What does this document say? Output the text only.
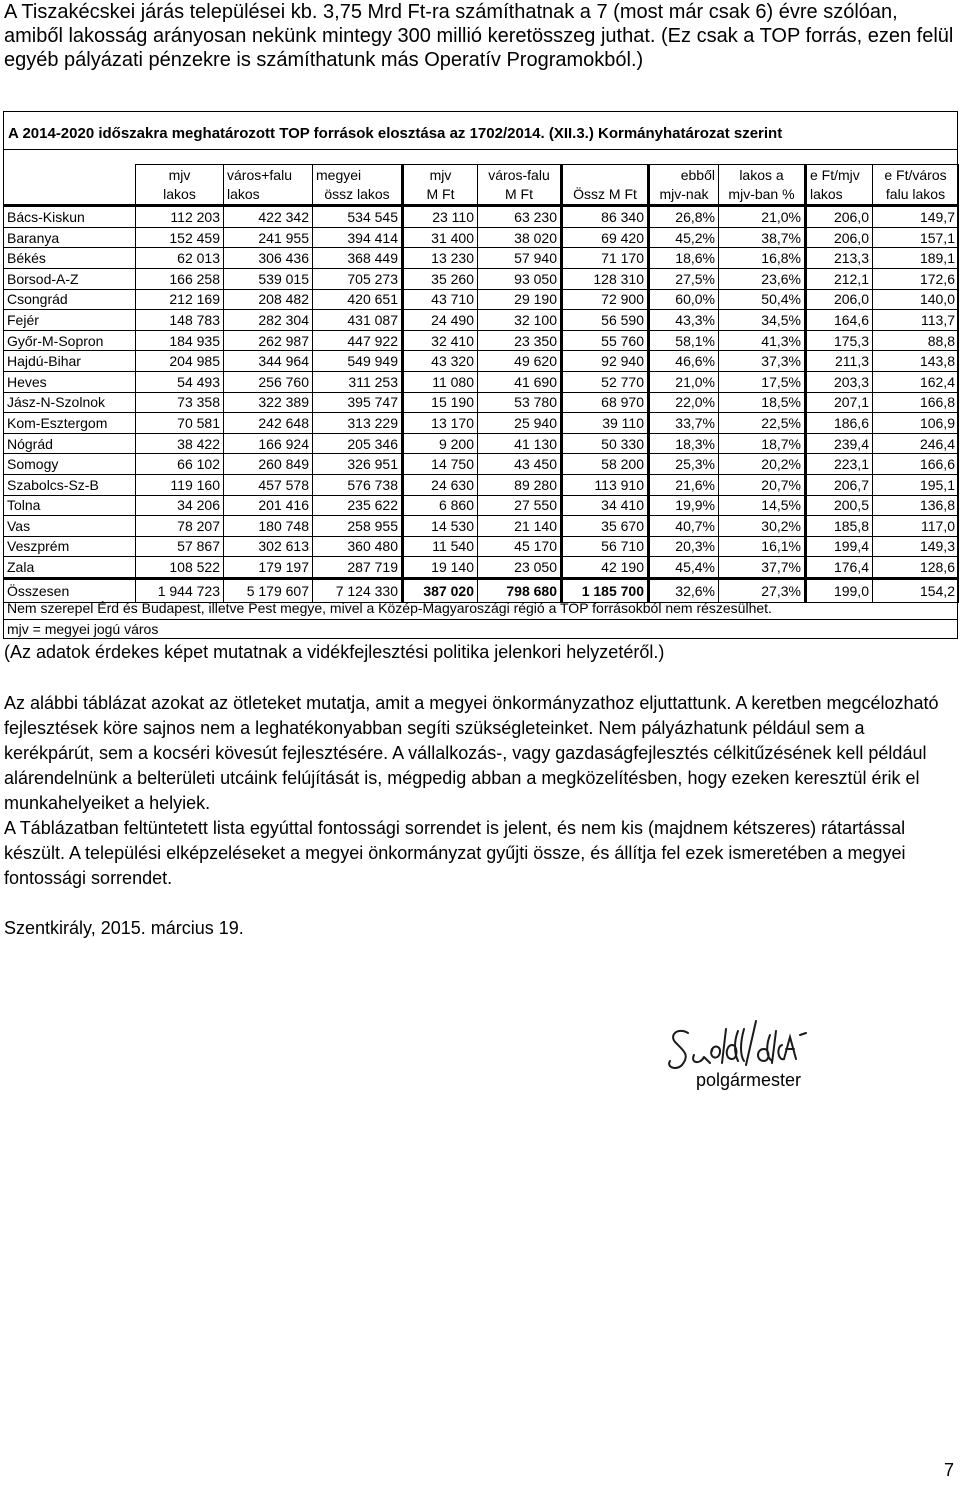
A Tiszakécskei járás települései kb. 3,75 Mrd Ft-ra számíthatnak a 7 (most már csak 6) évre szólóan, amiből lakosság arányosan nekünk mintegy 300 millió keretösszeg juthat. (Ez csak a TOP forrás, ezen felül egyéb pályázati pénzekre is számíthatunk más Operatív Programokból.)
A 2014-2020 időszakra meghatározott TOP források elosztása az 1702/2014. (XII.3.) Kormányhatározat szerint
	mjv	város+falu	megyei	mjv	város-falu		ebből	lakos a	e Ft/mjv	e Ft/város
	lakos	lakos	össz lakos	M Ft	M Ft	Össz M Ft	mjv-nak	mjv-ban %	lakos	falu lakos
Bács-Kiskun	112 203	422 342	534 545	23 110	63 230	86 340	26,8%	21,0%	206,0	149,7
Baranya	152 459	241 955	394 414	31 400	38 020	69 420	45,2%	38,7%	206,0	157,1
Békés	62 013	306 436	368 449	13 230	57 940	71 170	18,6%	16,8%	213,3	189,1
Borsod-A-Z	166 258	539 015	705 273	35 260	93 050	128 310	27,5%	23,6%	212,1	172,6
Csongrád	212 169	208 482	420 651	43 710	29 190	72 900	60,0%	50,4%	206,0	140,0
Fejér	148 783	282 304	431 087	24 490	32 100	56 590	43,3%	34,5%	164,6	113,7
Győr-M-Sopron	184 935	262 987	447 922	32 410	23 350	55 760	58,1%	41,3%	175,3	88,8
Hajdú-Bihar	204 985	344 964	549 949	43 320	49 620	92 940	46,6%	37,3%	211,3	143,8
Heves	54 493	256 760	311 253	11 080	41 690	52 770	21,0%	17,5%	203,3	162,4
Jász-N-Szolnok	73 358	322 389	395 747	15 190	53 780	68 970	22,0%	18,5%	207,1	166,8
Kom-Esztergom	70 581	242 648	313 229	13 170	25 940	39 110	33,7%	22,5%	186,6	106,9
Nógrád	38 422	166 924	205 346	9 200	41 130	50 330	18,3%	18,7%	239,4	246,4
Somogy	66 102	260 849	326 951	14 750	43 450	58 200	25,3%	20,2%	223,1	166,6
Szabolcs-Sz-B	119 160	457 578	576 738	24 630	89 280	113 910	21,6%	20,7%	206,7	195,1
Tolna	34 206	201 416	235 622	6 860	27 550	34 410	19,9%	14,5%	200,5	136,8
Vas	78 207	180 748	258 955	14 530	21 140	35 670	40,7%	30,2%	185,8	117,0
Veszprém	57 867	302 613	360 480	11 540	45 170	56 710	20,3%	16,1%	199,4	149,3
Zala	108 522	179 197	287 719	19 140	23 050	42 190	45,4%	37,7%	176,4	128,6
Összesen	1 944 723	5 179 607	7 124 330	387 020	798 680	1 185 700	32,6%	27,3%	199,0	154,2
Nem szerepel Érd és Budapest, illetve Pest megye, mivel a Közép-Magyaroszági régió a TOP forrásokból nem részesülhet.
mjv = megyei jogú város
(Az adatok érdekes képet mutatnak a vidékfejlesztési politika jelenkori helyzetéről.)
Az alábbi táblázat azokat az ötleteket mutatja, amit a megyei önkormányzathoz eljuttattunk. A keretben megcélozható fejlesztések köre sajnos nem a leghatékonyabban segíti szükségleteinket. Nem pályázhatunk például sem a kerékpárút, sem a kocséri kövesút fejlesztésére. A vállalkozás-, vagy gazdaságfejlesztés célkitűzésének kell például alárendelnünk a belterületi utcáink felújítását is, mégpedig abban a megközelítésben, hogy ezeken keresztül érik el munkahelyeiket a helyiek.
A Táblázatban feltüntetett lista egyúttal fontossági sorrendet is jelent, és nem kis (majdnem kétszeres) rátartással készült. A települési elképzeléseket a megyei önkormányzat gyűjti össze, és állítja fel ezek ismeretében a megyei fontossági sorrendet.
Szentkirály, 2015. március 19.
polgármester
7
